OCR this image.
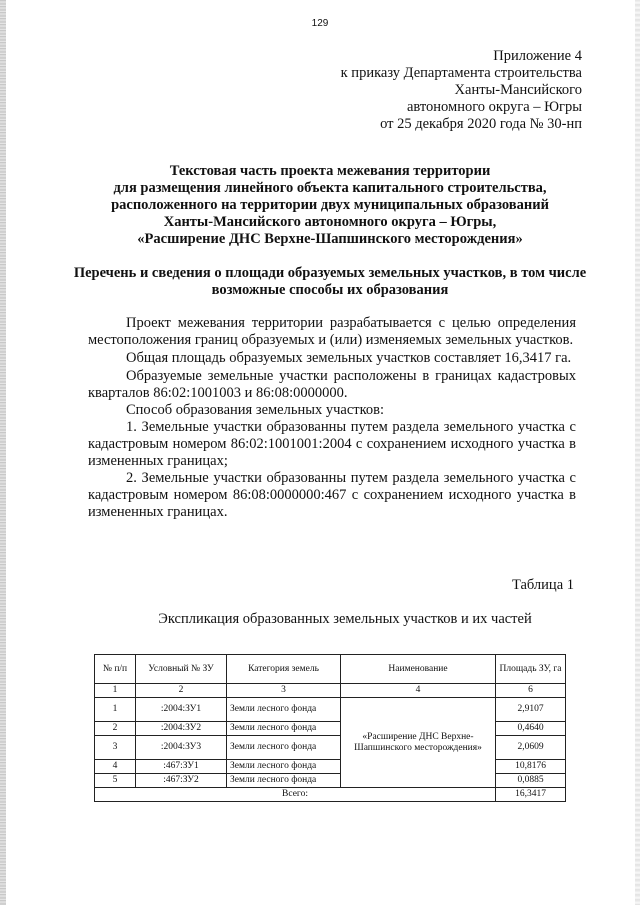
129
Приложение 4
к приказу Департамента строительства
Ханты-Мансийского
автономного округа – Югры
от 25 декабря 2020 года № 30-нп
Текстовая часть проекта межевания территории
для размещения линейного объекта капитального строительства,
расположенного на территории двух муниципальных образований
Ханты-Мансийского автономного округа – Югры,
«Расширение ДНС Верхне-Шапшинского месторождения»
Перечень и сведения о площади образуемых земельных участков, в том числе возможные способы их образования

Проект межевания территории разрабатывается с целью определения местоположения границ образуемых и (или) изменяемых земельных участков.

Общая площадь образуемых земельных участков составляет 16,3417 га.

Образуемые земельные участки расположены в границах кадастровых кварталов 86:02:1001003 и 86:08:0000000.

Способ образования земельных участков:

1. Земельные участки образованны путем раздела земельного участка с кадастровым номером 86:02:1001001:2004 с сохранением исходного участка в измененных границах;

2. Земельные участки образованны путем раздела земельного участка с кадастровым номером 86:08:0000000:467 с сохранением исходного участка в измененных границах.

Таблица 1
Экспликация образованных земельных участков и их частей
№ п/п	Условный № ЗУ	Категория земель	Наименование	Площадь ЗУ, га
1	2	3	4	6
1	:2004:ЗУ1	Земли лесного фонда	«Расширение ДНС Верхне-Шапшинского месторождения»	2,9107
2	:2004:ЗУ2	Земли лесного фонда		0,4640
3	:2004:ЗУ3	Земли лесного фонда		2,0609
4	:467:ЗУ1	Земли лесного фонда		10,8176
5	:467:ЗУ2	Земли лесного фонда		0,0885
Всего:				16,3417
